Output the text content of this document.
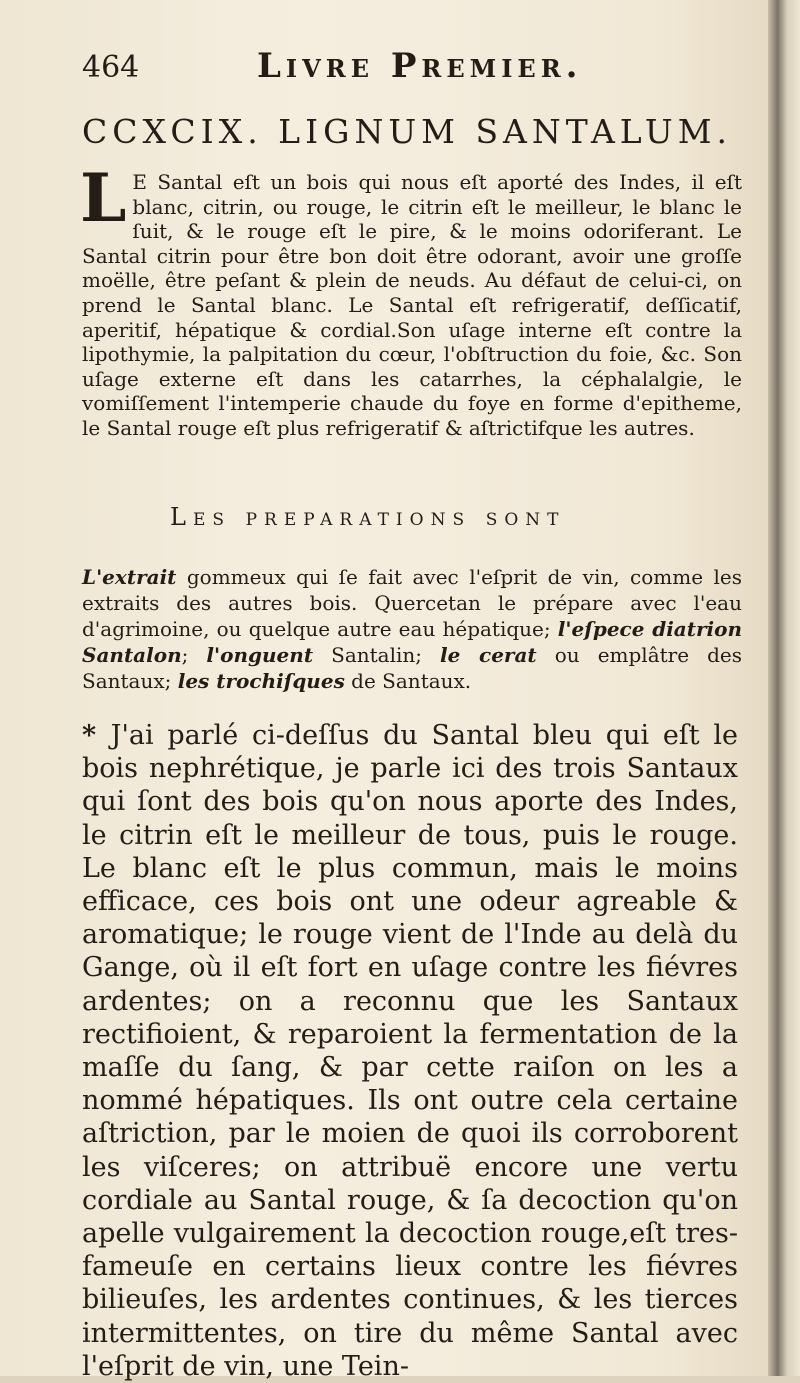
464	Livre Premier.
CCXCIX. LIGNUM SANTALUM.

L E Santal eſt un bois qui nous eſt aporté des Indes, il eſt blanc, citrin, ou rouge, le citrin eſt le meilleur, le blanc le ſuit, & le rouge eſt le pire, & le moins odoriferant. Le Santal citrin pour être bon doit être odorant, avoir une groſſe moëlle, être peſant & plein de neuds. Au défaut de celui-ci, on prend le Santal blanc. Le Santal eſt refrigeratif, deſſicatif, aperitif, hépatique & cordial.Son uſage interne eſt contre la lipothymie, la palpitation du cœur, l'obſtruction du foie, &c. Son uſage externe eſt dans les catarrhes, la céphalalgie, le vomiſſement l'intemperie chaude du foye en forme d'epitheme, le Santal rouge eſt plus refrigeratif & aſtrictifque les autres.

Les preparations sont

L'extrait gommeux qui ſe fait avec l'eſprit de vin, comme les extraits des autres bois. Quercetan le prépare avec l'eau d'agrimoine, ou quelque autre eau hépatique; l'eſpece diatrion Santalon; l'onguent Santalin; le cerat ou emplâtre des Santaux; les trochiſques de Santaux.

* J'ai parlé ci-deſſus du Santal bleu qui eſt le bois nephrétique, je parle ici des trois Santaux qui ſont des bois qu'on nous aporte des Indes, le citrin eſt le meilleur de tous, puis le rouge. Le blanc eſt le plus commun, mais le moins efficace, ces bois ont une odeur agreable & aromatique; le rouge vient de l'Inde au delà du Gange, où il eſt fort en uſage contre les fiévres ardentes; on a reconnu que les Santaux rectifioient, & reparoient la fermentation de la maſſe du ſang, & par cette raiſon on les a nommé hépatiques. Ils ont outre cela certaine aſtriction, par le moien de quoi ils corroborent les viſceres; on attribuë encore une vertu cordiale au Santal rouge, & ſa decoction qu'on apelle vulgairement la decoction rouge,eſt tres-fameuſe en certains lieux contre les fiévres bilieuſes, les ardentes continues, & les tierces intermittentes, on tire du même Santal avec l'eſprit de vin, une Tein-
